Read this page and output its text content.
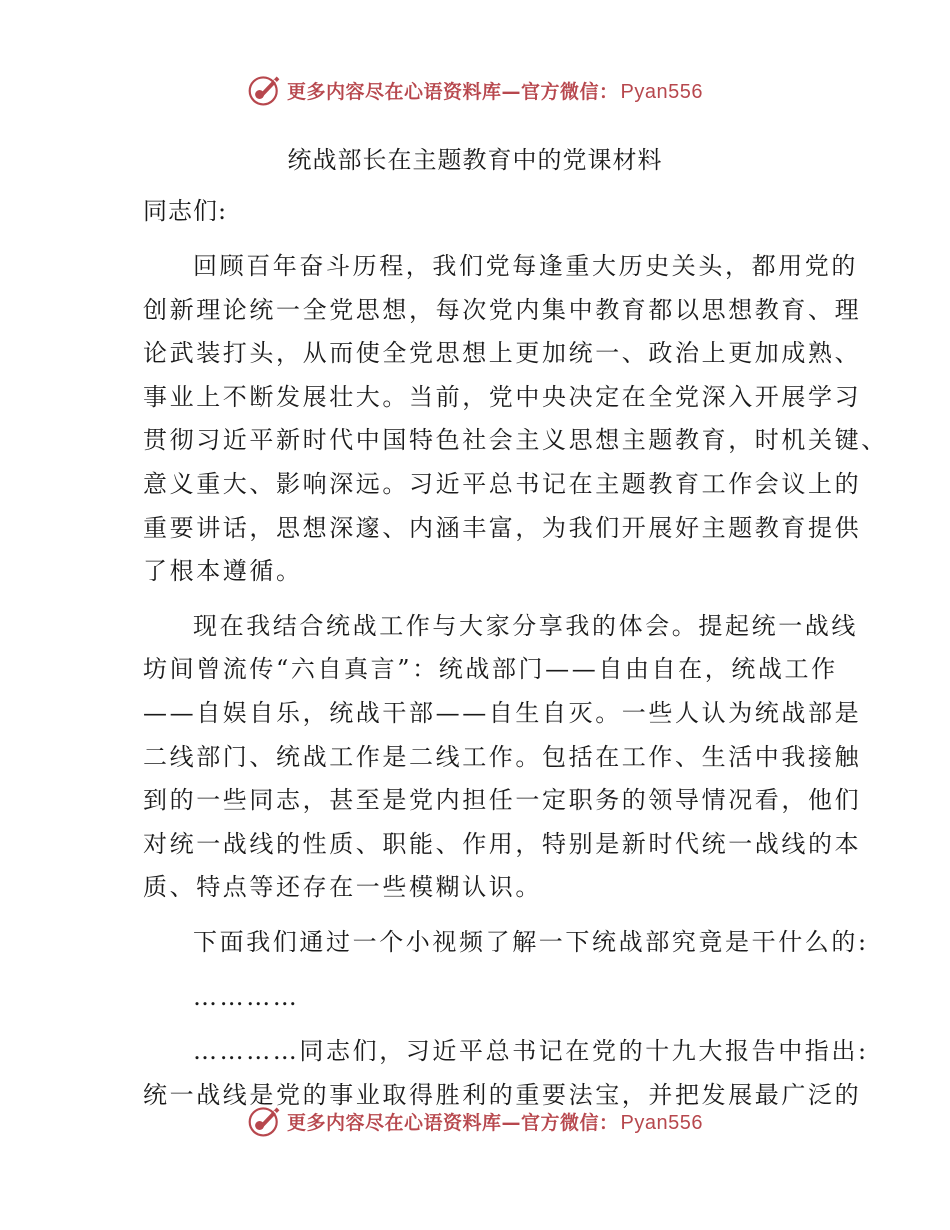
更多内容尽在心语资料库—官方微信： Pyan556
统战部长在主题教育中的党课材料

同志们:

回顾百年奋斗历程，我们党每逢重大历史关头，都用党的
创新理论统一全党思想，每次党内集中教育都以思想教育、理
论武装打头，从而使全党思想上更加统一、政治上更加成熟、
事业上不断发展壮大。当前，党中央决定在全党深入开展学习
贯彻习近平新时代中国特色社会主义思想主题教育，时机关键、
意义重大、影响深远。习近平总书记在主题教育工作会议上的
重要讲话，思想深邃、内涵丰富，为我们开展好主题教育提供
了根本遵循。
现在我结合统战工作与大家分享我的体会。提起统一战线
坊间曾流传“六自真言”：统战部门——自由自在，统战工作
——自娱自乐，统战干部——自生自灭。一些人认为统战部是
二线部门、统战工作是二线工作。包括在工作、生活中我接触
到的一些同志，甚至是党内担任一定职务的领导情况看，他们
对统一战线的性质、职能、作用，特别是新时代统一战线的本
质、特点等还存在一些模糊认识。
下面我们通过一个小视频了解一下统战部究竟是干什么的:
…………
…………同志们，习近平总书记在党的十九大报告中指出:
统一战线是党的事业取得胜利的重要法宝，并把发展最广泛的
更多内容尽在心语资料库—官方微信： Pyan556
